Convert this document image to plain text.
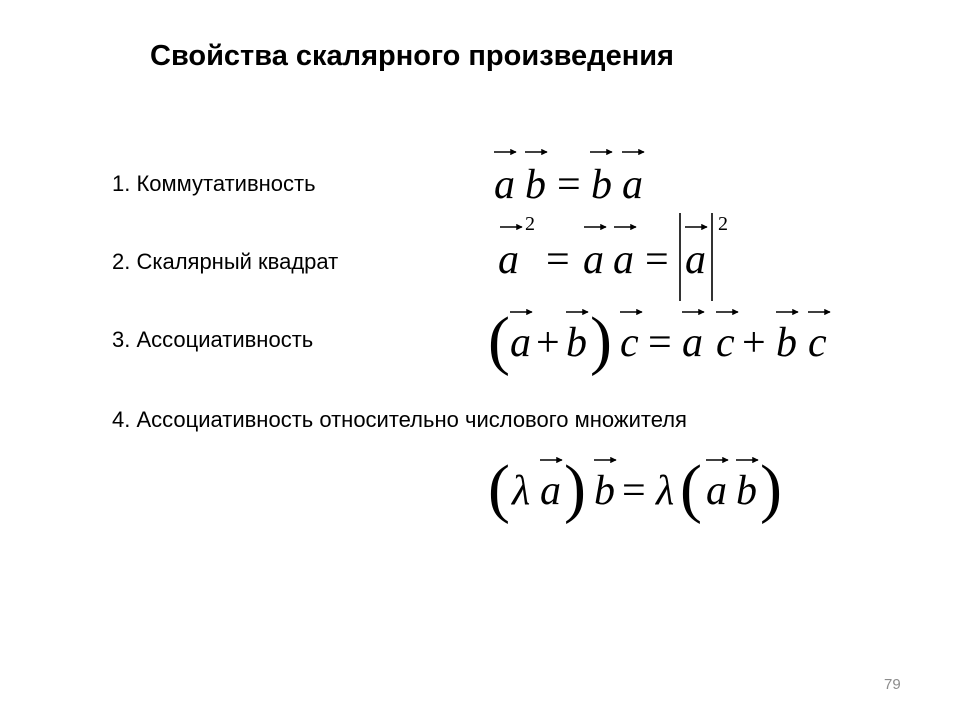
Свойства скалярного произведения
1. Коммутативность
2. Скалярный квадрат
3. Ассоциативность
4. Ассоциативность относительно числового множителя
a b = b a
a
2
= a a = a
2
( a + b ) c = a c + b c
( λ a ) b = λ ( a b )
79
